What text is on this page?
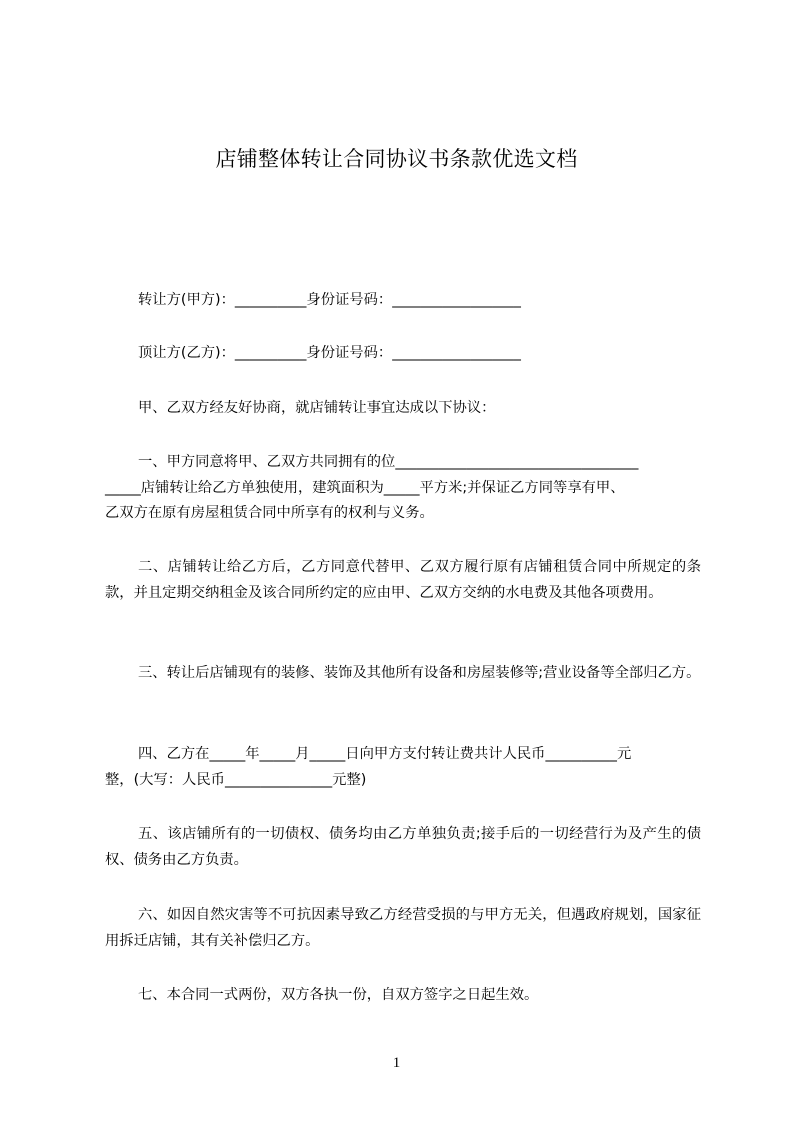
店铺整体转让合同协议书条款优选文档
转让方(甲方)：__________身份证号码：__________________
顶让方(乙方)：__________身份证号码：__________________
甲、乙双方经友好协商，就店铺转让事宜达成以下协议：
一、甲方同意将甲、乙双方共同拥有的位__________________________________
_____店铺转让给乙方单独使用，建筑面积为_____平方米;并保证乙方同等享有甲、
乙双方在原有房屋租赁合同中所享有的权利与义务。
二、店铺转让给乙方后，乙方同意代替甲、乙双方履行原有店铺租赁合同中所规定的条款，并且定期交纳租金及该合同所约定的应由甲、乙双方交纳的水电费及其他各项费用。
三、转让后店铺现有的装修、装饰及其他所有设备和房屋装修等;营业设备等全部归乙方。
四、乙方在_____年_____月_____日向甲方支付转让费共计人民币__________元
整，(大写：人民币_______________元整)
五、该店铺所有的一切债权、债务均由乙方单独负责;接手后的一切经营行为及产生的债权、债务由乙方负责。
六、如因自然灾害等不可抗因素导致乙方经营受损的与甲方无关，但遇政府规划，国家征用拆迁店铺，其有关补偿归乙方。
七、本合同一式两份，双方各执一份，自双方签字之日起生效。
1
